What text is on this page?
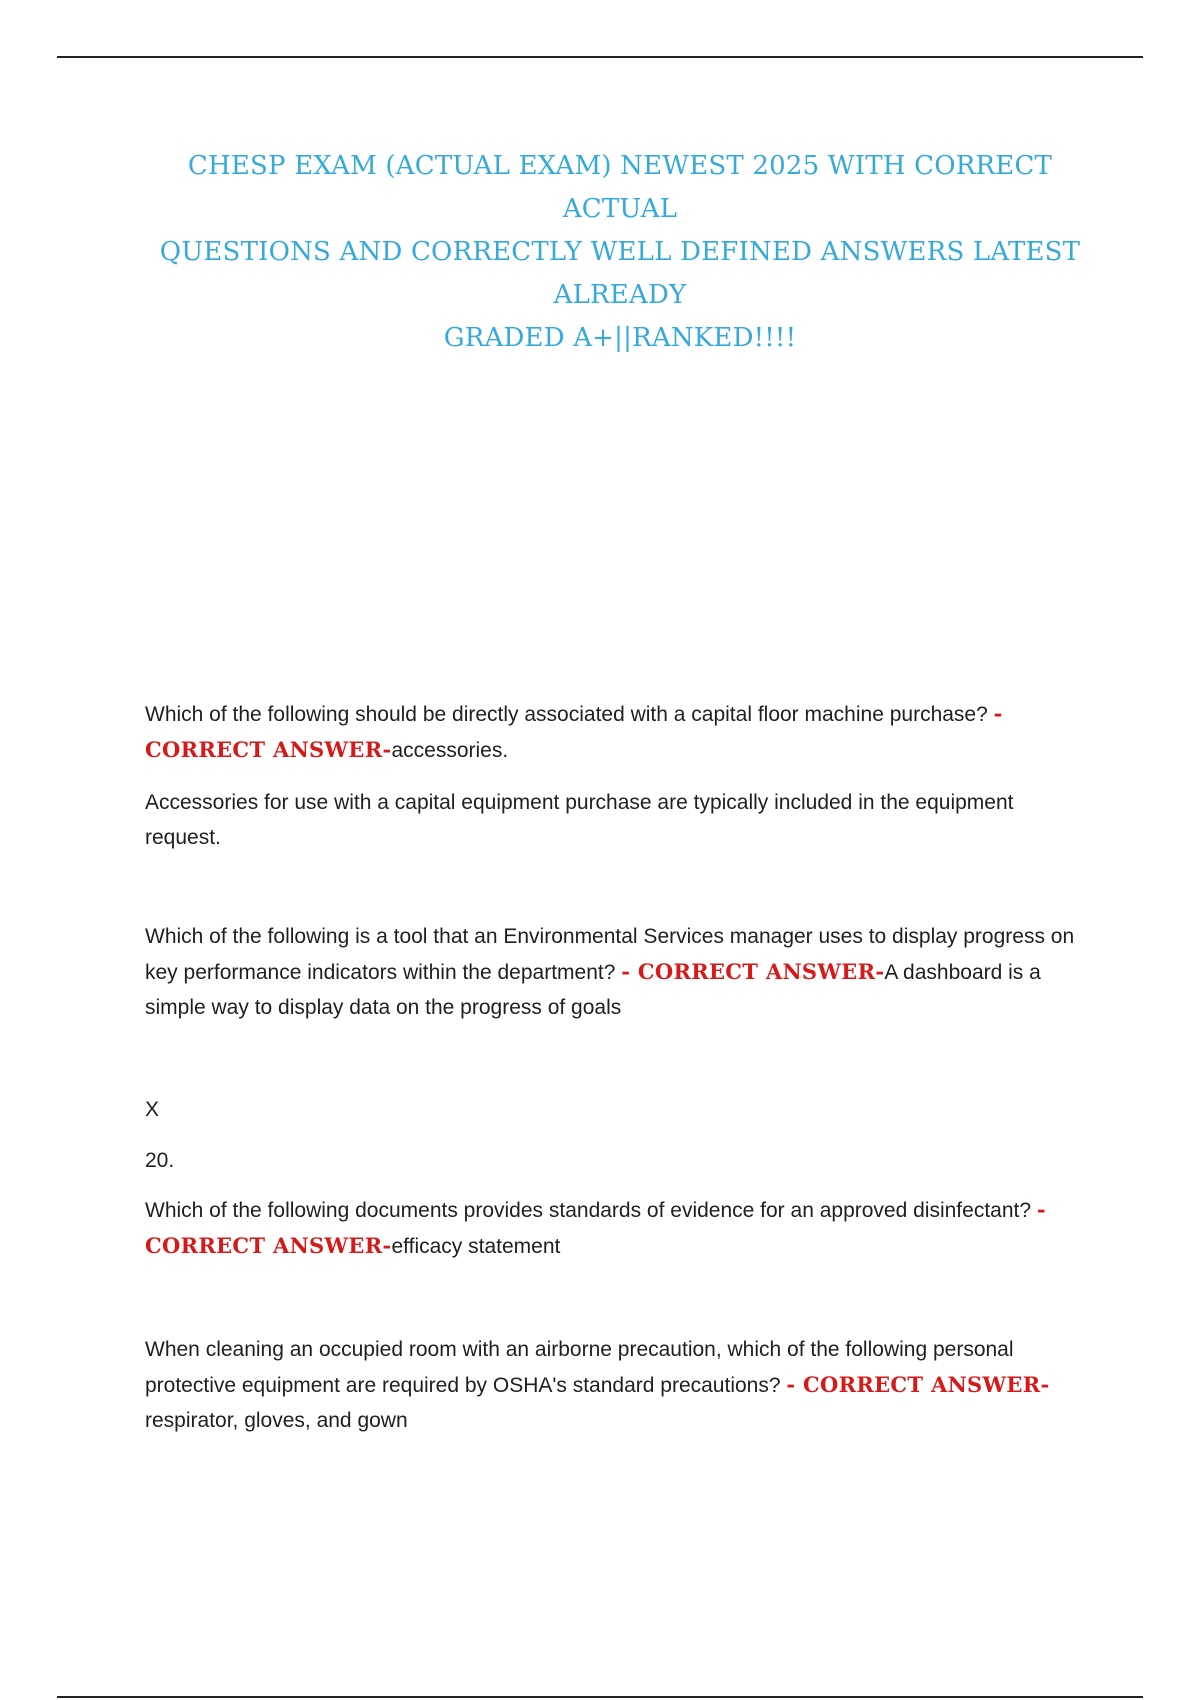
CHESP EXAM (ACTUAL EXAM) NEWEST 2025 WITH CORRECT ACTUAL
QUESTIONS AND CORRECTLY WELL DEFINED ANSWERS LATEST ALREADY
GRADED A+||RANKED!!!!

Which of the following should be directly associated with a capital floor machine purchase? - CORRECT ANSWER-accessories.

Accessories for use with a capital equipment purchase are typically included in the equipment request.

Which of the following is a tool that an Environmental Services manager uses to display progress on key performance indicators within the department? - CORRECT ANSWER-A dashboard is a simple way to display data on the progress of goals

X

20.

Which of the following documents provides standards of evidence for an approved disinfectant? - CORRECT ANSWER-efficacy statement

When cleaning an occupied room with an airborne precaution, which of the following personal protective equipment are required by OSHA's standard precautions? - CORRECT ANSWER-respirator, gloves, and gown
